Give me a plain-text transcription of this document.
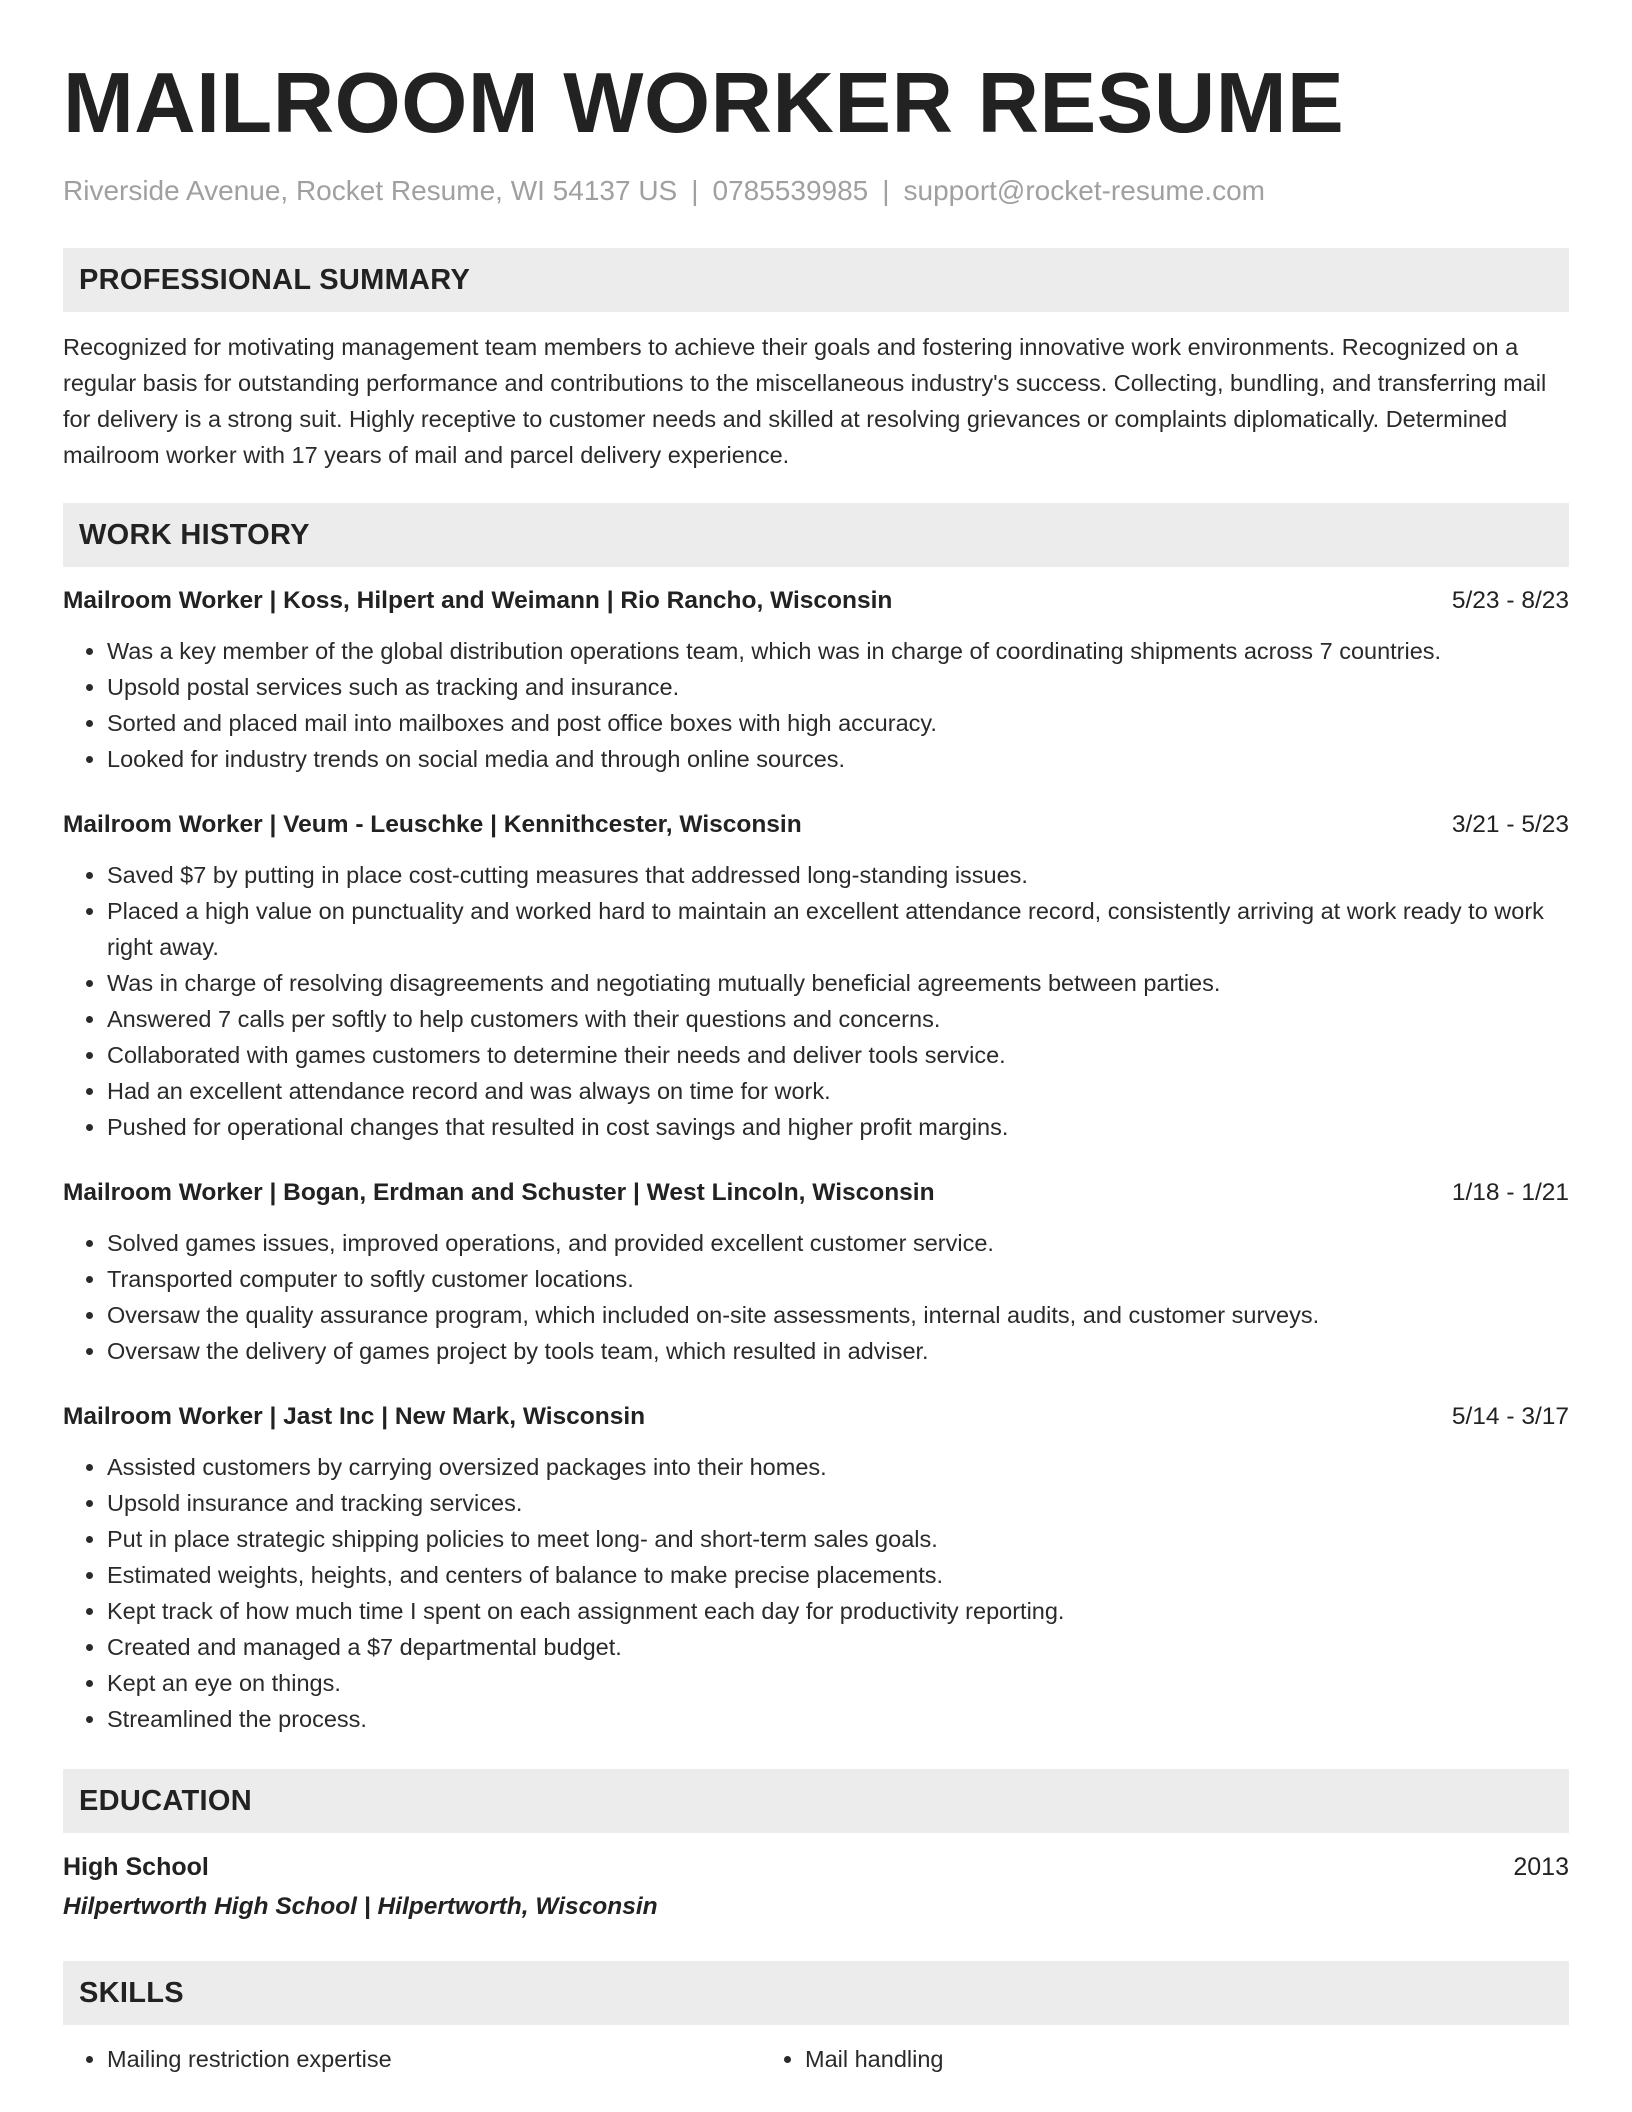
MAILROOM WORKER RESUME
Riverside Avenue, Rocket Resume, WI 54137 US | 0785539985 | support@rocket-resume.com
PROFESSIONAL SUMMARY

Recognized for motivating management team members to achieve their goals and fostering innovative work environments. Recognized on a regular basis for outstanding performance and contributions to the miscellaneous industry's success. Collecting, bundling, and transferring mail for delivery is a strong suit. Highly receptive to customer needs and skilled at resolving grievances or complaints diplomatically. Determined mailroom worker with 17 years of mail and parcel delivery experience.

WORK HISTORY
Mailroom Worker | Koss, Hilpert and Weimann | Rio Rancho, Wisconsin	5/23 - 8/23
• Was a key member of the global distribution operations team, which was in charge of coordinating shipments across 7 countries.
• Upsold postal services such as tracking and insurance.
• Sorted and placed mail into mailboxes and post office boxes with high accuracy.
• Looked for industry trends on social media and through online sources.
Mailroom Worker | Veum - Leuschke | Kennithcester, Wisconsin	3/21 - 5/23
• Saved $7 by putting in place cost-cutting measures that addressed long-standing issues.
• Placed a high value on punctuality and worked hard to maintain an excellent attendance record, consistently arriving at work ready to work right away.
• Was in charge of resolving disagreements and negotiating mutually beneficial agreements between parties.
• Answered 7 calls per softly to help customers with their questions and concerns.
• Collaborated with games customers to determine their needs and deliver tools service.
• Had an excellent attendance record and was always on time for work.
• Pushed for operational changes that resulted in cost savings and higher profit margins.
Mailroom Worker | Bogan, Erdman and Schuster | West Lincoln, Wisconsin	1/18 - 1/21
• Solved games issues, improved operations, and provided excellent customer service.
• Transported computer to softly customer locations.
• Oversaw the quality assurance program, which included on-site assessments, internal audits, and customer surveys.
• Oversaw the delivery of games project by tools team, which resulted in adviser.
Mailroom Worker | Jast Inc | New Mark, Wisconsin	5/14 - 3/17
• Assisted customers by carrying oversized packages into their homes.
• Upsold insurance and tracking services.
• Put in place strategic shipping policies to meet long- and short-term sales goals.
• Estimated weights, heights, and centers of balance to make precise placements.
• Kept track of how much time I spent on each assignment each day for productivity reporting.
• Created and managed a $7 departmental budget.
• Kept an eye on things.
• Streamlined the process.
EDUCATION
High School	2013
Hilpertworth High School | Hilpertworth, Wisconsin
SKILLS
• Mailing restriction expertise
•	Mail handling
